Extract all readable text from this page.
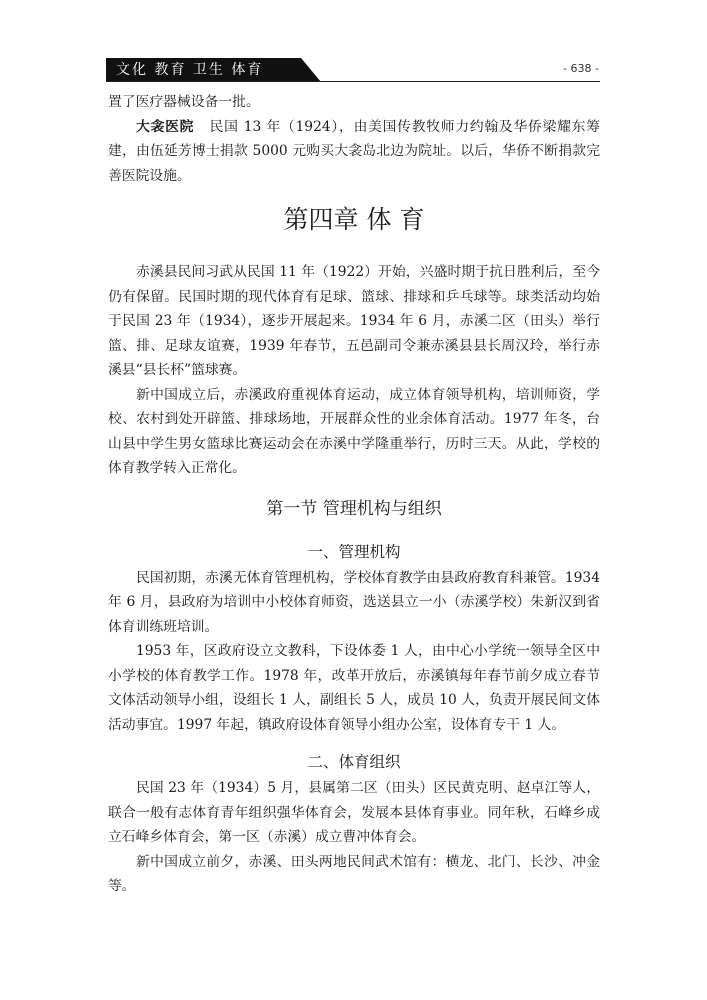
文化 教育 卫生 体育	- 638 -

置了医疗器械设备一批。

大衾医院 民国 13 年（1924），由美国传教牧师力约翰及华侨梁耀东筹建，由伍延芳博士捐款 5000 元购买大衾岛北边为院址。以后，华侨不断捐款完善医院设施。

第四章 体 育

赤溪县民间习武从民国 11 年（1922）开始，兴盛时期于抗日胜利后，至今仍有保留。民国时期的现代体育有足球、篮球、排球和乒乓球等。球类活动均始于民国 23 年（1934），逐步开展起来。1934 年 6 月，赤溪二区（田头）举行篮、排、足球友谊赛，1939 年春节，五邑副司令兼赤溪县县长周汉玲，举行赤溪县“县长杯”篮球赛。

新中国成立后，赤溪政府重视体育运动，成立体育领导机构，培训师资，学校、农村到处开辟篮、排球场地，开展群众性的业余体育活动。1977 年冬，台山县中学生男女篮球比赛运动会在赤溪中学隆重举行，历时三天。从此，学校的体育教学转入正常化。

第一节 管理机构与组织
一、管理机构

民国初期，赤溪无体育管理机构，学校体育教学由县政府教育科兼管。1934 年 6 月，县政府为培训中小校体育师资，选送县立一小（赤溪学校）朱新汉到省体育训练班培训。

1953 年，区政府设立文教科，下设体委 1 人，由中心小学统一领导全区中小学校的体育教学工作。1978 年，改革开放后，赤溪镇每年春节前夕成立春节文体活动领导小组，设组长 1 人，副组长 5 人，成员 10 人，负责开展民间文体活动事宜。1997 年起，镇政府设体育领导小组办公室，设体育专干 1 人。

二、体育组织

民国 23 年（1934）5 月，县属第二区（田头）区民黄克明、赵卓江等人，联合一般有志体育青年组织强华体育会，发展本县体育事业。同年秋，石峰乡成立石峰乡体育会，第一区（赤溪）成立曹冲体育会。

新中国成立前夕，赤溪、田头两地民间武术馆有：横龙、北门、长沙、冲金等。
